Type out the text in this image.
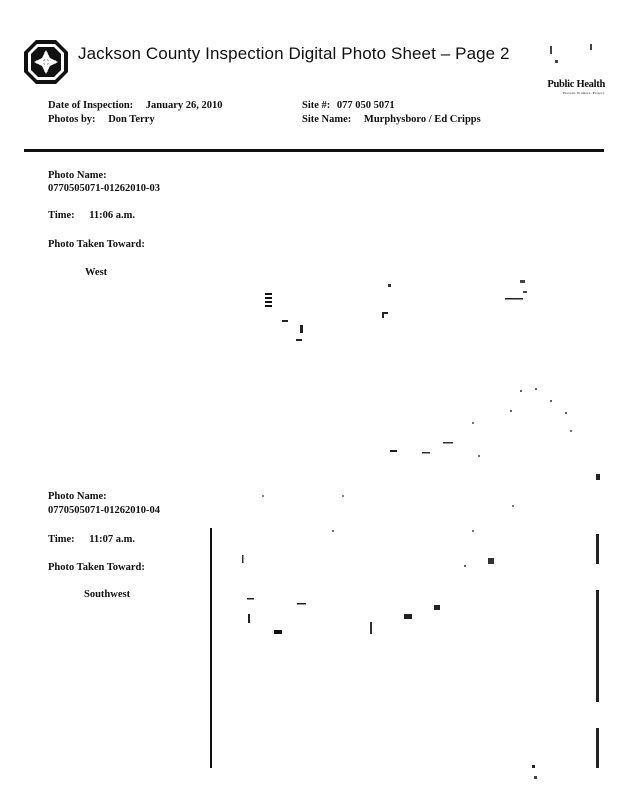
Jackson County Inspection Digital Photo Sheet – Page 2
Public Health
Prevent. Promote. Protect.
Date of Inspection: January 26, 2010
Photos by: Don Terry
Site #: 077 050 5071
Site Name: Murphysboro / Ed Cripps
Photo Name:
0770505071-01262010-03
Time: 11:06 a.m.
Photo Taken Toward:
West
Photo Name:
0770505071-01262010-04
Time: 11:07 a.m.
Photo Taken Toward:
Southwest
